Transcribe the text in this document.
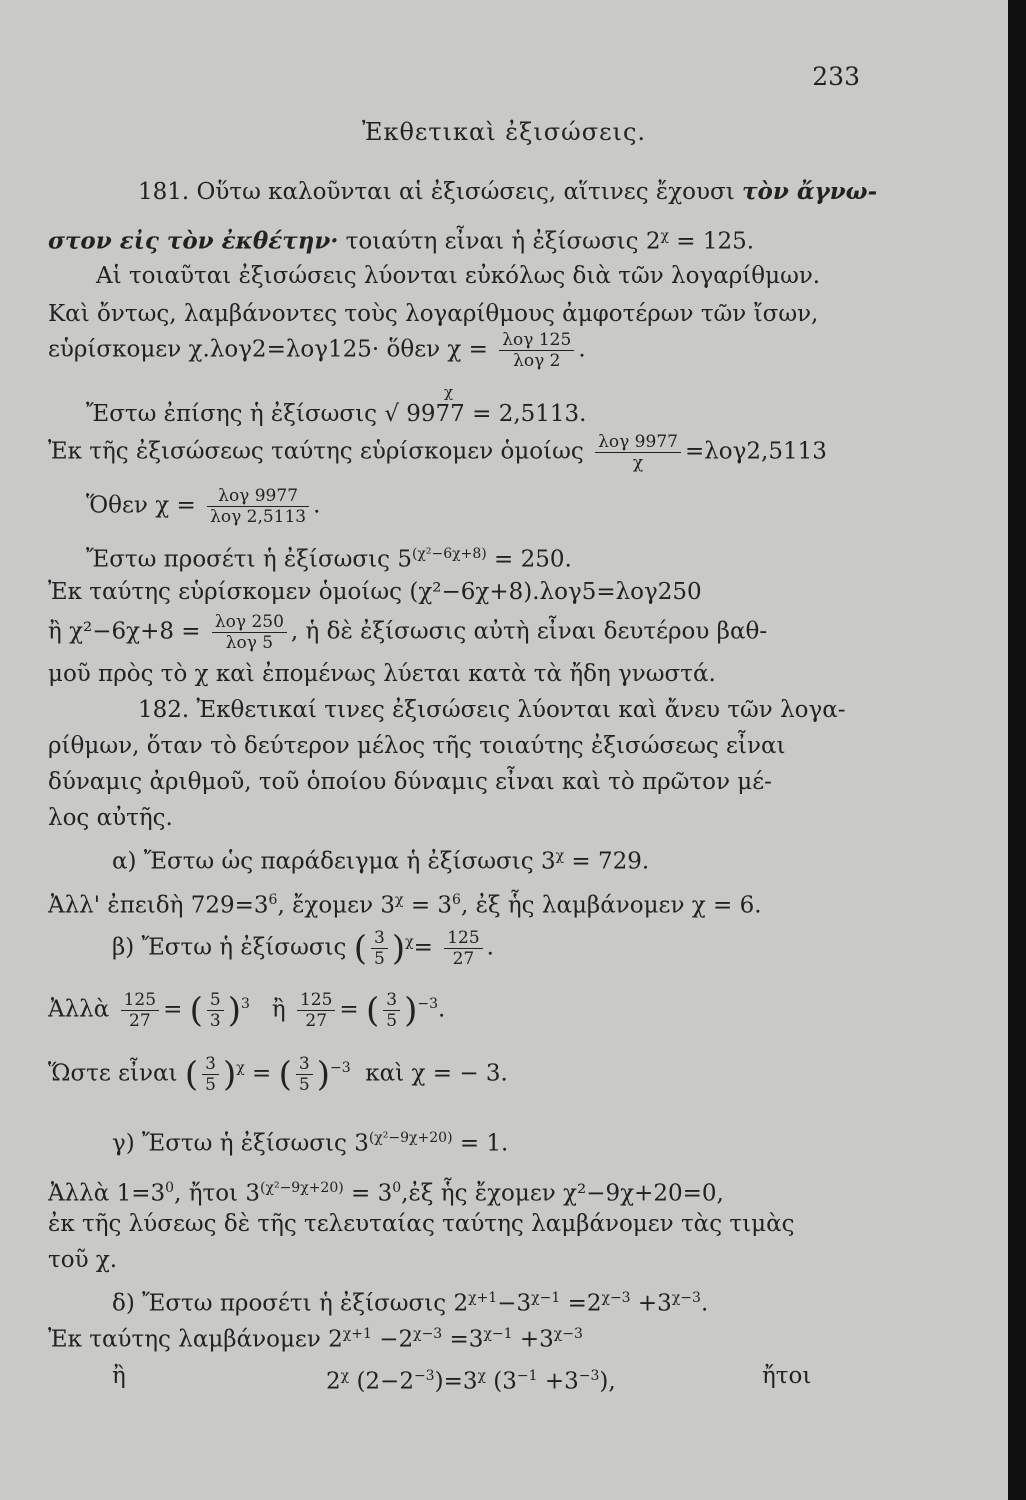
233
Ἐκθετικαὶ ἐξισώσεις.
181. Οὕτω καλοῦνται αἱ ἐξισώσεις, αἵτινες ἔχουσι τὸν ἄγνω-
στον εἰς τὸν ἐκθέτην· τοιαύτη εἶναι ἡ ἐξίσωσις $2^\chi = 125$.
Αἱ τοιαῦται ἐξισώσεις λύονται εὐκόλως διὰ τῶν λογαρίθμων.
Καὶ ὄντως, λαμβάνοντες τοὺς λογαρίθμους ἀμφοτέρων τῶν ἴσων,
εὑρίσκομεν χ.λογ2=λογ125· ὅθεν $\chi = \frac{\text{λογ 125}}{\text{λογ 2}}$ .
χ
Ἔστω ἐπίσης ἡ ἐξίσωσις √ 9977 = 2,5113.
Ἐκ τῆς ἐξισώσεως ταύτης εὑρίσκομεν ὁμοίως $\frac{\text{λογ 9977}}{\chi} =\lambda o\gamma 2,5113$
Ὅθεν $\chi = \frac{\text{λογ 9977}}{\text{λογ 2,5113}}$ .
Ἔστω προσέτι ἡ ἐξίσωσις $5^{(\chi^2-6\chi+8)} = 250$.
Ἐκ ταύτης εὑρίσκομεν ὁμοίως (χ²−6χ+8).λογ5=λογ250
ἢ $\chi^2-6\chi+8 = \frac{\text{λογ 250}}{\text{λογ 5}}$ , ἡ δὲ ἐξίσωσις αὐτὴ εἶναι δευτέρου βαθ-
μοῦ πρὸς τὸ χ καὶ ἐπομένως λύεται κατὰ τὰ ἤδη γνωστά.
182. Ἐκθετικαί τινες ἐξισώσεις λύονται καὶ ἄνευ τῶν λογα-
ρίθμων, ὅταν τὸ δεύτερον μέλος τῆς τοιαύτης ἐξισώσεως εἶναι
δύναμις ἀριθμοῦ, τοῦ ὁποίου δύναμις εἶναι καὶ τὸ πρῶτον μέ-
λος αὐτῆς.
α) Ἔστω ὡς παράδειγμα ἡ ἐξίσωσις $3^\chi = 729$.
Ἀλλ' ἐπειδὴ $729=3^6$, ἔχομεν $3^\chi = 3^6$, ἐξ ἧς λαμβάνομεν χ = 6.
β) Ἔστω ἡ ἐξίσωσις ( $\frac{3}{5} )^\chi= \frac{125}{27}$ .
Ἀλλὰ $\frac{125}{27}$ = ( $\frac{5}{3} )^3$ ἢ $\frac{125}{27}$ = ( $\frac{3}{5} )^{-3}$.
Ὥστε εἶναι ( $\frac{3}{5} )^\chi$ = ( $\frac{3}{5} )^{-3}$ καὶ χ = − 3.
γ) Ἔστω ἡ ἐξίσωσις $3^{(\chi^2-9\chi+20)} = 1$.
Ἀλλὰ $1=3^0$, ἤτοι $3^{(\chi^2-9\chi+20)}$ = $3^0,ἐ\xi$ ἧς ἔχομεν χ²−9χ+20=0,
ἐκ τῆς λύσεως δὲ τῆς τελευταίας ταύτης λαμβάνομεν τὰς τιμὰς
τοῦ χ.
δ) Ἔστω προσέτι ἡ ἐξίσωσις $2^{\chi+1}-3^{\chi-1} =2^{\chi-3} +3^{\chi-3}$.
Ἐκ ταύτης λαμβάνομεν $2^{\chi+1} -2^{\chi-3} =3^{\chi-1} +3^{\chi-3}$
ἢ	$2^\chi$ $(2-2^{-3})=3^\chi$ $(3^{-1} +3^{-3})$,	ἤτοι
